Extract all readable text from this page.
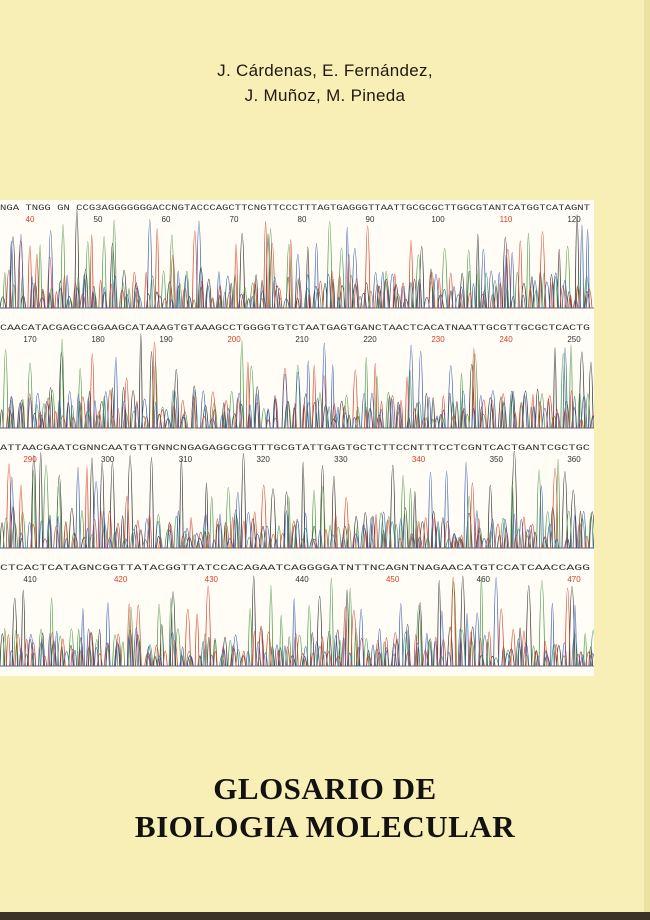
J. Cárdenas, E. Fernández,
J. Muñoz, M. Pineda
NGA TNGG GN CCG3AGGGGGGGACCNGTACCCAGCTTCNGTTCCCTTTAGTGAGGGTTAATTGCGCGCTTGGCGTANTCATGGTCATAGNT
40	50	60	70	80	90	100	110	120
CAACATACGAGCCGGAAGCATAAAGTGTAAAGCCTGGGGTGTCTAATGAGTGANCTAACTCACATNAATTGCGTTGCGCTCACTG
170	180	190	200	210	220	230	240	250
ATTAACGAATCGNNCAATGTTGNNCNGAGAGGCGGTTTGCGTATTGAGTGCTCTTCCNTTTCCTCGNTCACTGANTCGCTGC
290	300	310	320	330	340	350	360
CTCACTCATAGNCGGTTATACGGTTATCCACAGAATCAGGGGATNTTNCAGNTNAGAACATGTCCATCAACCAGG
410	420	430	440	450	460	470
GLOSARIO DE
BIOLOGIA MOLECULAR
